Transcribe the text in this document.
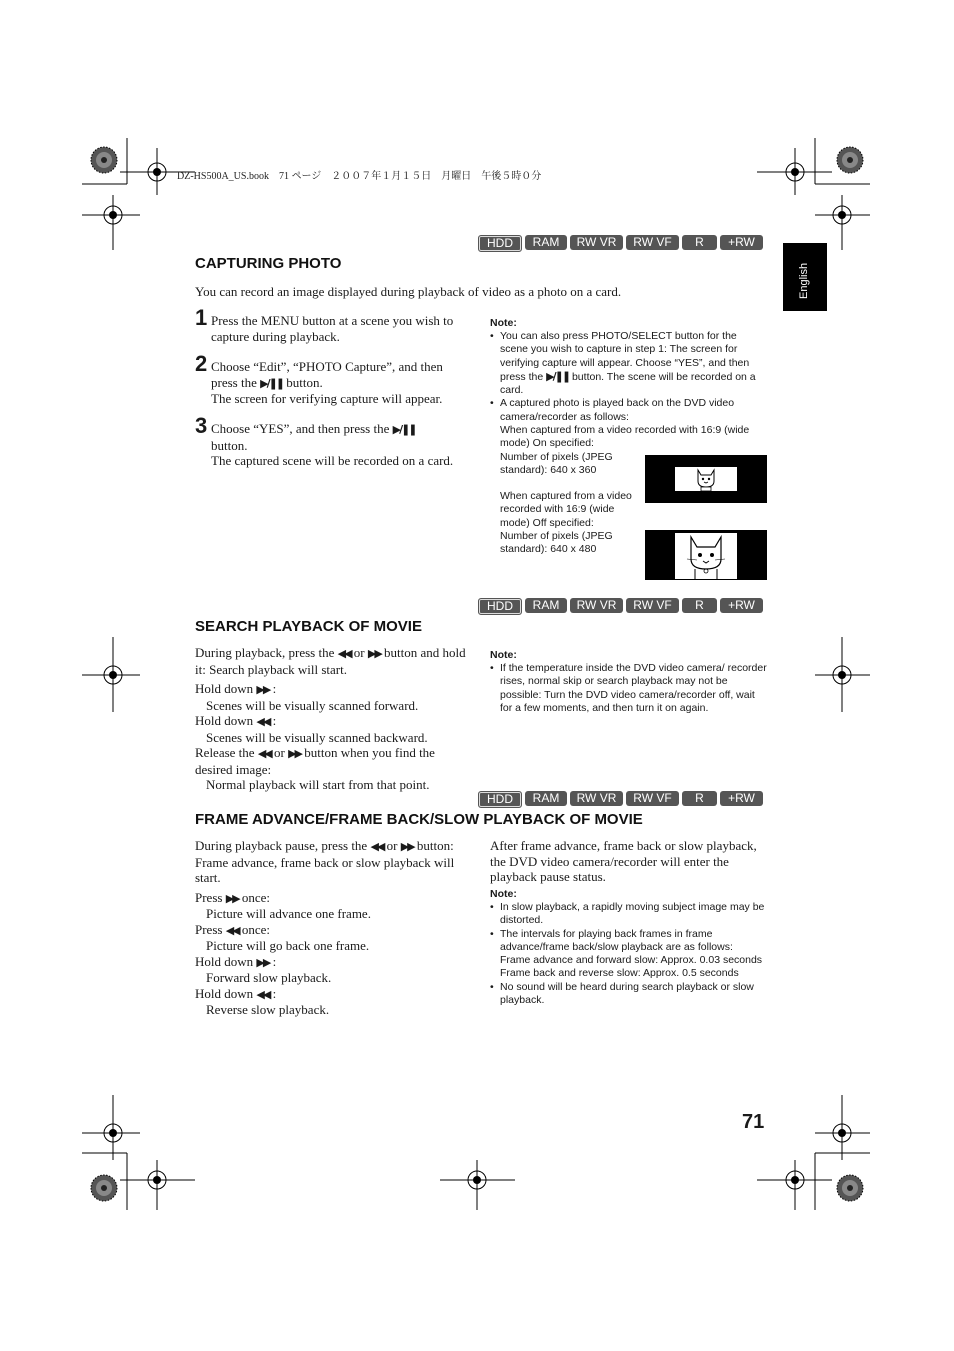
DZ-HS500A_US.book　71 ページ　２００７年１月１５日　月曜日　午後５時０分
English
HDD	RAM	RW VR	RW VF	R	+RW
CAPTURING PHOTO
You can record an image displayed during playback of video as a photo on a card.
1 Press the MENU button at a scene you wish to capture during playback.
2 Choose “Edit”, “PHOTO Capture”, and then press the ▶/❚❚ button.
The screen for verifying capture will appear.
3 Choose “YES”, and then press the ▶/❚❚
button.
The captured scene will be recorded on a card.
Note:
• You can also press PHOTO/SELECT button for the scene you wish to capture in step 1: The screen for verifying capture will appear. Choose “YES”, and then press the ▶/❚❚ button. The scene will be recorded on a card.
• A captured photo is played back on the DVD video camera/recorder as follows:
When captured from a video recorded with 16:9 (wide mode) On specified:
Number of pixels (JPEG standard): 640 x 360
When captured from a video recorded with 16:9 (wide mode) Off specified:
Number of pixels (JPEG standard): 640 x 480
HDD	RAM	RW VR	RW VF	R	+RW
SEARCH PLAYBACK OF MOVIE
During playback, press the ◀◀ or ▶▶ button and hold it: Search playback will start.
Hold down ▶▶ :
Scenes will be visually scanned forward.
Hold down ◀◀ :
Scenes will be visually scanned backward.
Release the ◀◀ or ▶▶ button when you find the desired image:
Normal playback will start from that point.
Note:
• If the temperature inside the DVD video camera/ recorder rises, normal skip or search playback may not be possible: Turn the DVD video camera/recorder off, wait for a few moments, and then turn it on again.
HDD	RAM	RW VR	RW VF	R	+RW
FRAME ADVANCE/FRAME BACK/SLOW PLAYBACK OF MOVIE
During playback pause, press the ◀◀ or ▶▶ button: Frame advance, frame back or slow playback will start.
Press ▶▶ once:
Picture will advance one frame.
Press ◀◀ once:
Picture will go back one frame.
Hold down ▶▶ :
Forward slow playback.
Hold down ◀◀ :
Reverse slow playback.
After frame advance, frame back or slow playback, the DVD video camera/recorder will enter the playback pause status.
Note:
• In slow playback, a rapidly moving subject image may be distorted.
• The intervals for playing back frames in frame advance/frame back/slow playback are as follows:
Frame advance and forward slow: Approx. 0.03 seconds
Frame back and reverse slow: Approx. 0.5 seconds
• No sound will be heard during search playback or slow playback.
71
